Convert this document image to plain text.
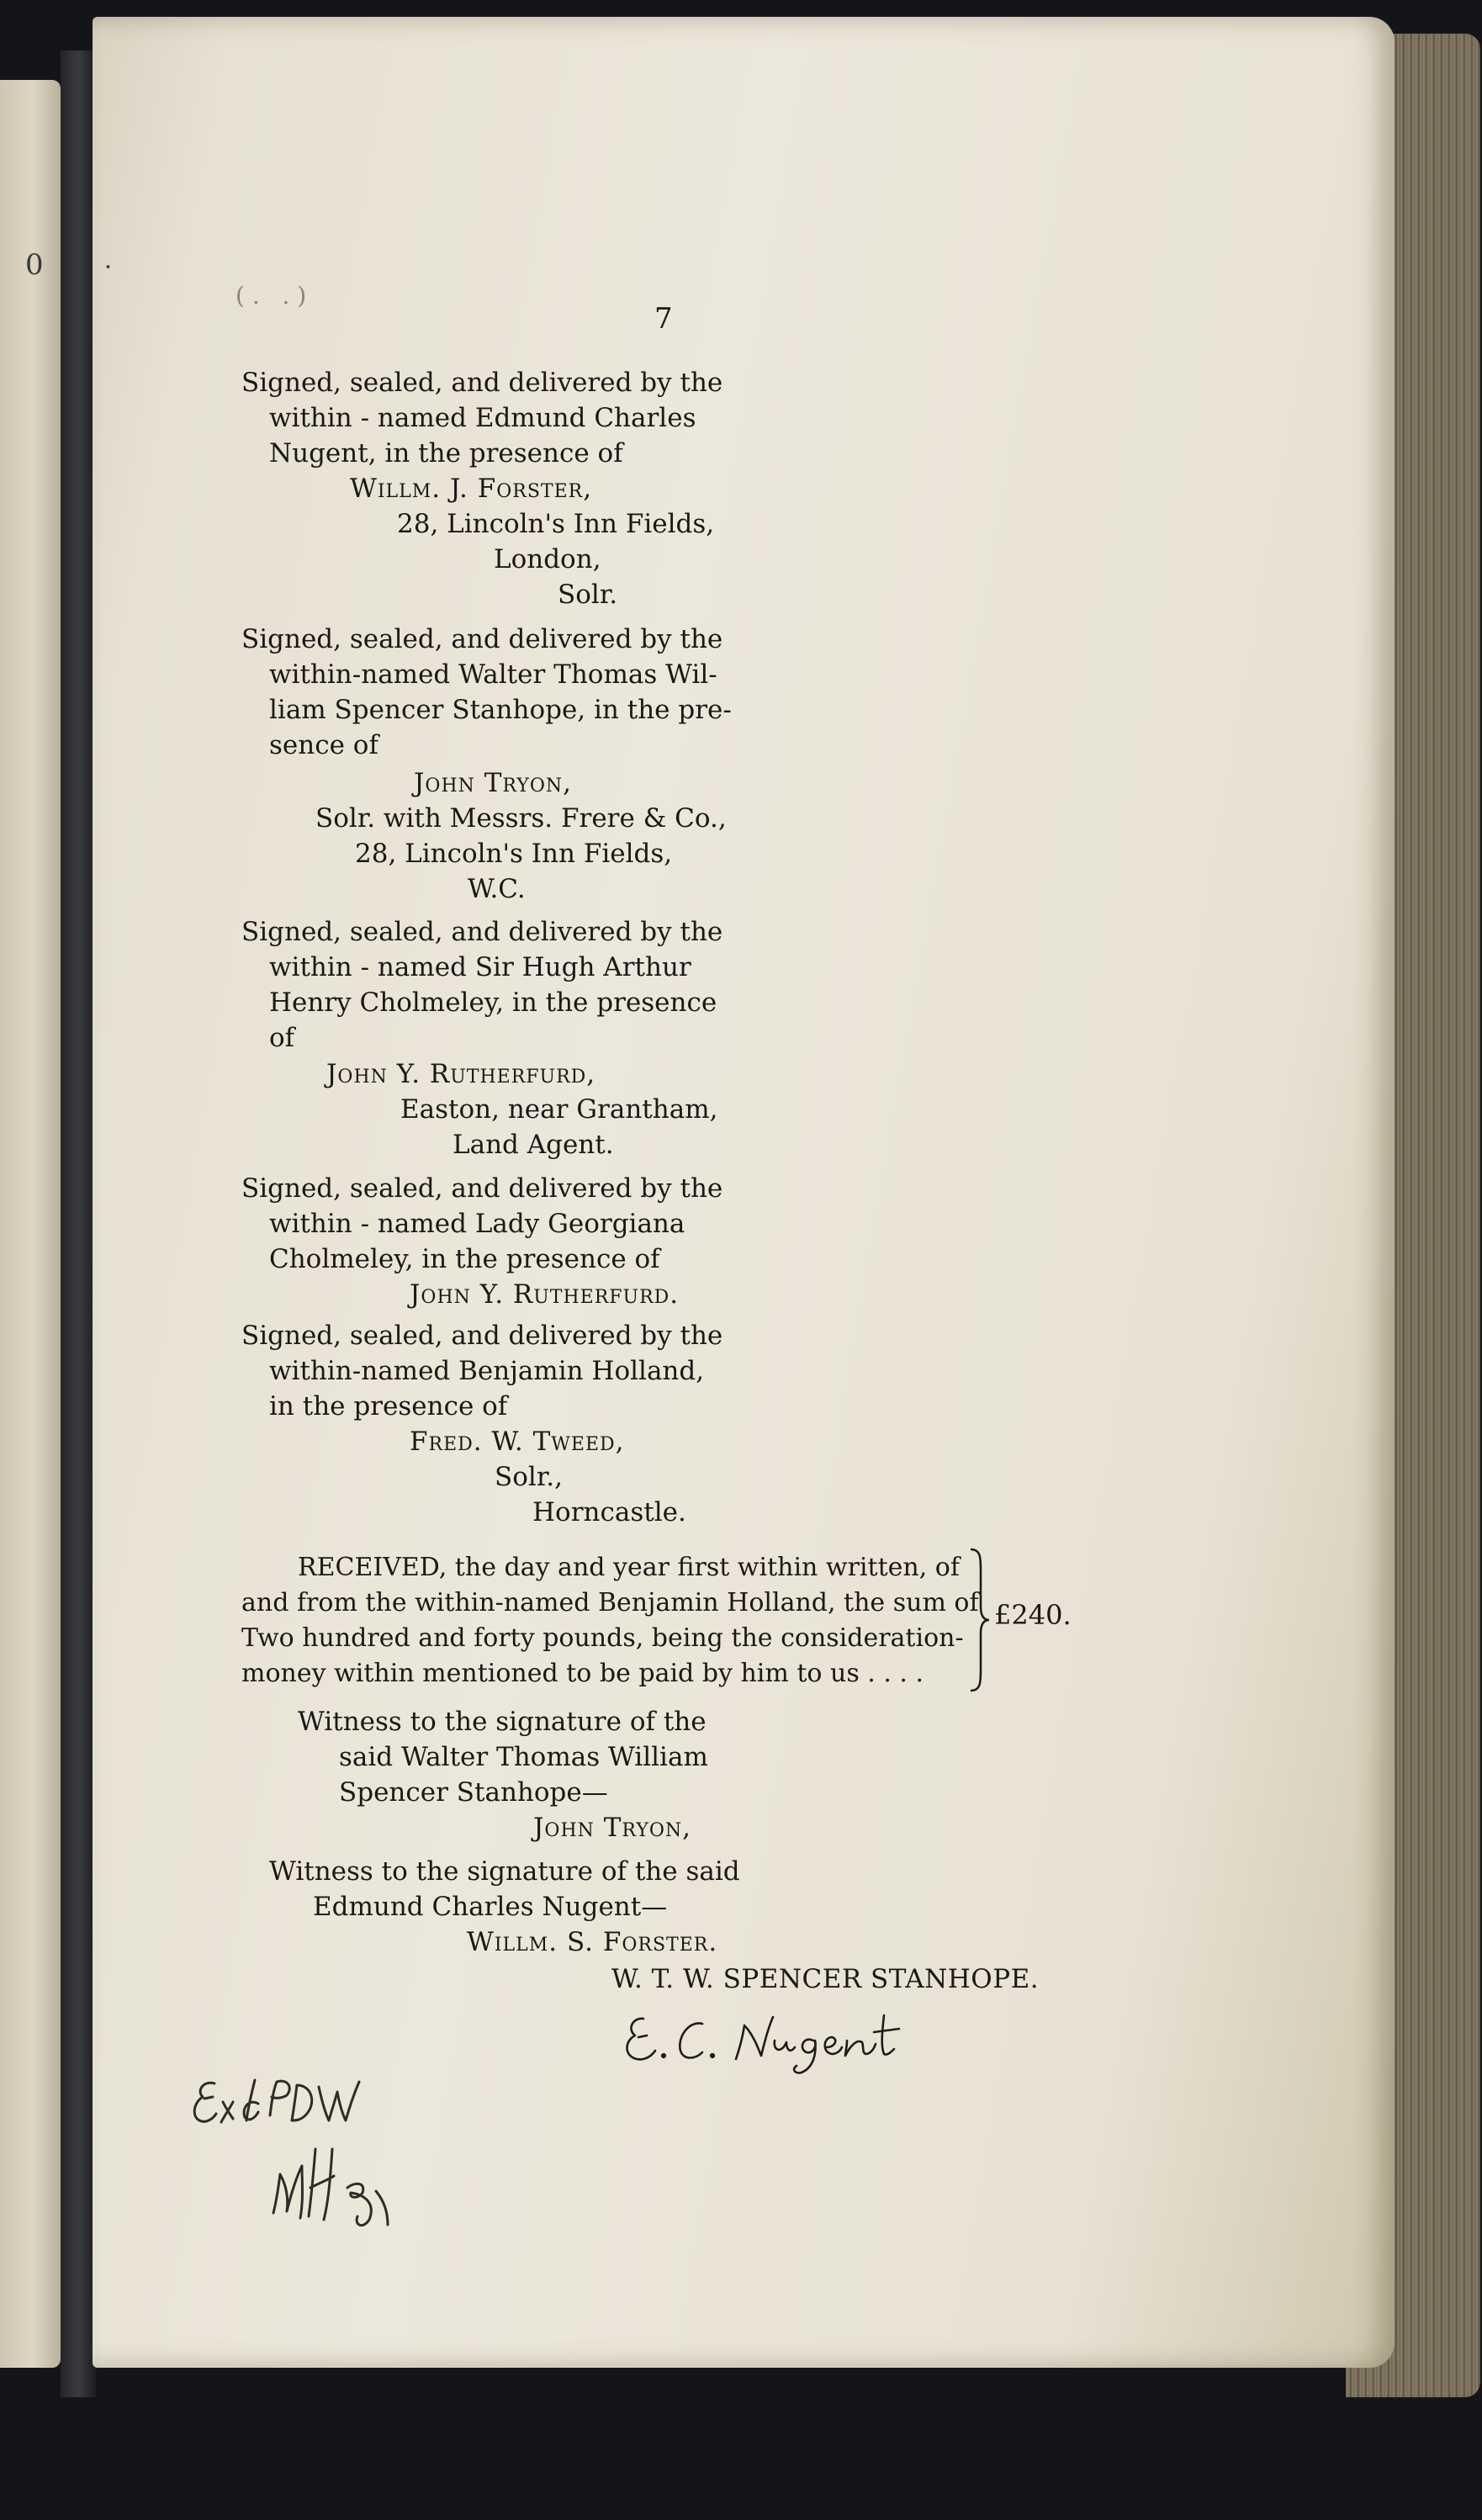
0 ˙
( .   . )
7
Signed, sealed, and delivered by the
within - named Edmund Charles
Nugent, in the presence of
Willm. J. Forster,
28, Lincoln's Inn Fields,
London,
Solr.
Signed, sealed, and delivered by the
within-named Walter Thomas Wil-
liam Spencer Stanhope, in the pre-
sence of
John Tryon,
Solr. with Messrs. Frere & Co.,
28, Lincoln's Inn Fields,
W.C.
Signed, sealed, and delivered by the
within - named Sir Hugh Arthur
Henry Cholmeley, in the presence
of
John Y. Rutherfurd,
Easton, near Grantham,
Land Agent.
Signed, sealed, and delivered by the
within - named Lady Georgiana
Cholmeley, in the presence of
John Y. Rutherfurd.
Signed, sealed, and delivered by the
within-named Benjamin Holland,
in the presence of
Fred. W. Tweed,
Solr.,
Horncastle.
RECEIVED, the day and year first within written, of
and from the within-named Benjamin Holland, the sum of
Two hundred and forty pounds, being the consideration-
money within mentioned to be paid by him to us . . . .
£240.
Witness to the signature of the
said Walter Thomas William
Spencer Stanhope—
John Tryon,
Witness to the signature of the said
Edmund Charles Nugent—
Willm. S. Forster.
W. T. W. SPENCER STANHOPE.
